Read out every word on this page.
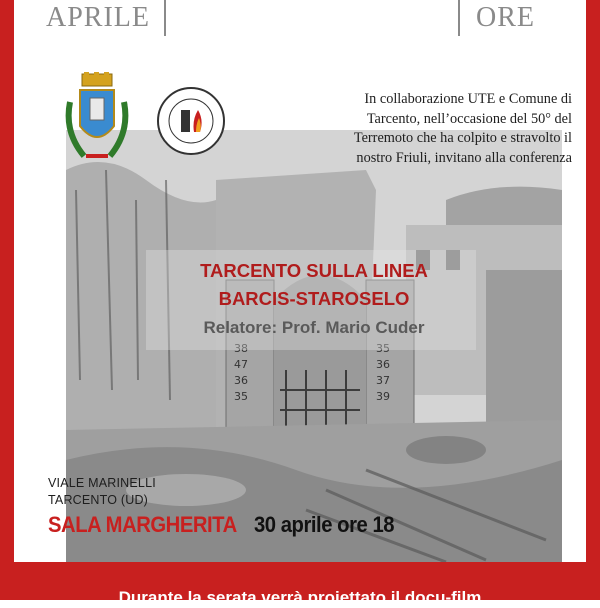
APRILE	ORE
38
47
36
35
35
36
37
39
In collaborazione UTE e Comune di
Tarcento, nell’occasione del 50° del
Terremoto che ha colpito e stravolto il
nostro Friuli, invitano alla conferenza
TARCENTO SULLA LINEA
BARCIS-STAROSELO
Relatore: Prof. Mario Cuder
VIALE MARINELLI
TARCENTO (UD)
SALA MARGHERITA 30 aprile ore 18
Durante la serata verrà proiettato il docu-film
